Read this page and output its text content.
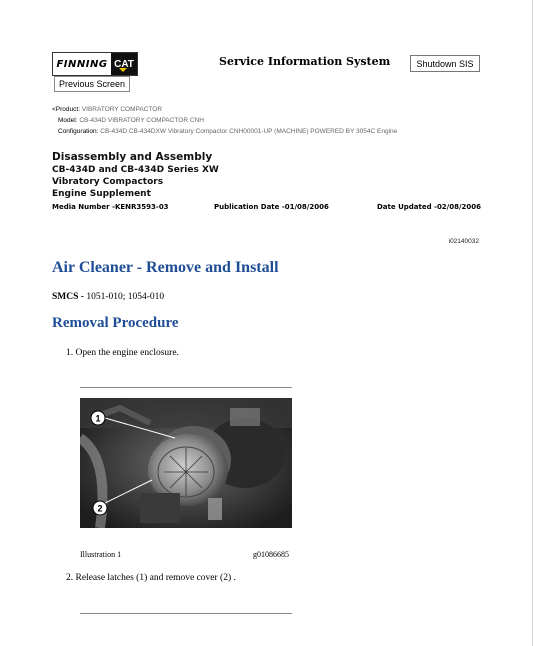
FINNING CAT
Previous Screen
Service Information System	Shutdown SIS
<Product: VIBRATORY COMPACTOR
Model: CB-434D VIBRATORY COMPACTOR CNH
Configuration: CB-434D CB-434DXW Vibratory Compactor CNH00001-UP (MACHINE) POWERED BY 3054C Engine
Disassembly and Assembly
CB-434D and CB-434D Series XW
Vibratory Compactors
Engine Supplement
Media Number -KENR3593-03	Publication Date -01/08/2006	Date Updated -02/08/2006
i02140032
Air Cleaner - Remove and Install
SMCS - 1051-010; 1054-010
Removal Procedure
1. Open the engine enclosure.
1
2
Illustration 1	g01086685
2. Release latches (1) and remove cover (2) .
